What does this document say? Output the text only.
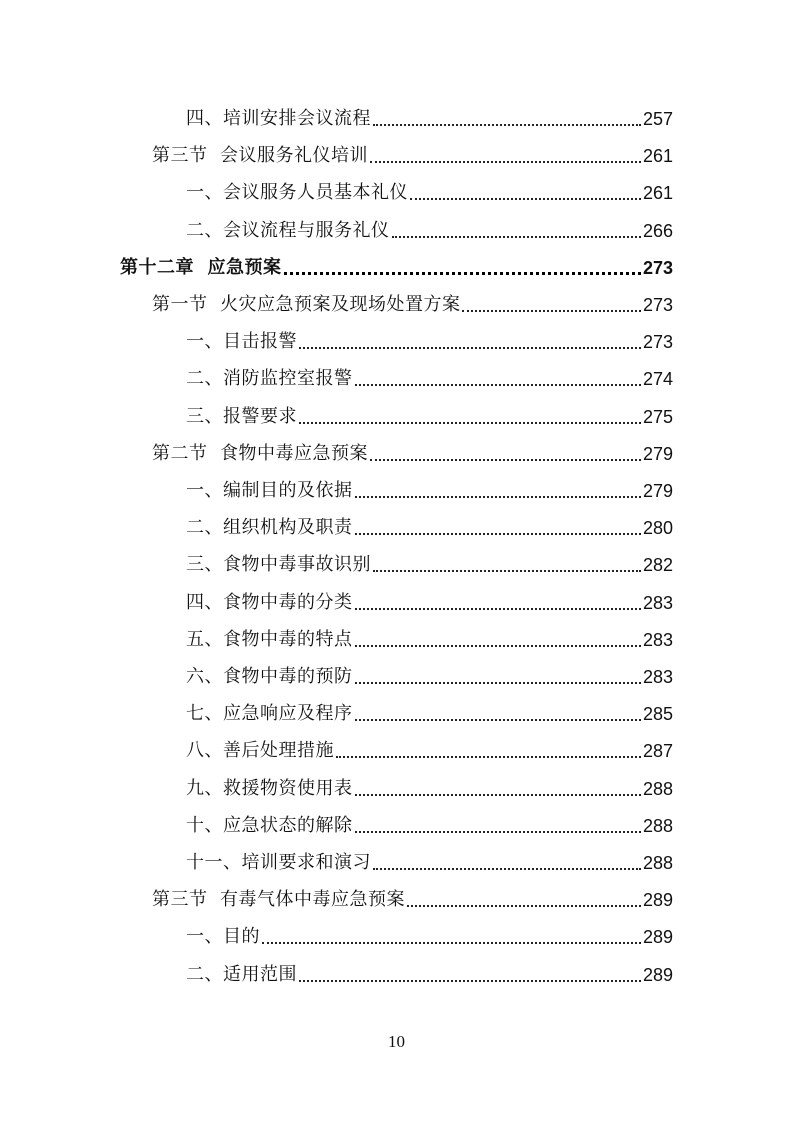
四、培训安排会议流程	257
第三节  会议服务礼仪培训	261
一、会议服务人员基本礼仪	261
二、会议流程与服务礼仪	266
第十二章  应急预案	273
第一节  火灾应急预案及现场处置方案	273
一、目击报警	273
二、消防监控室报警	274
三、报警要求	275
第二节  食物中毒应急预案	279
一、编制目的及依据	279
二、组织机构及职责	280
三、食物中毒事故识别	282
四、食物中毒的分类	283
五、食物中毒的特点	283
六、食物中毒的预防	283
七、应急响应及程序	285
八、善后处理措施	287
九、救援物资使用表	288
十、应急状态的解除	288
十一、培训要求和演习	288
第三节  有毒气体中毒应急预案	289
一、目的	289
二、适用范围	289
10
